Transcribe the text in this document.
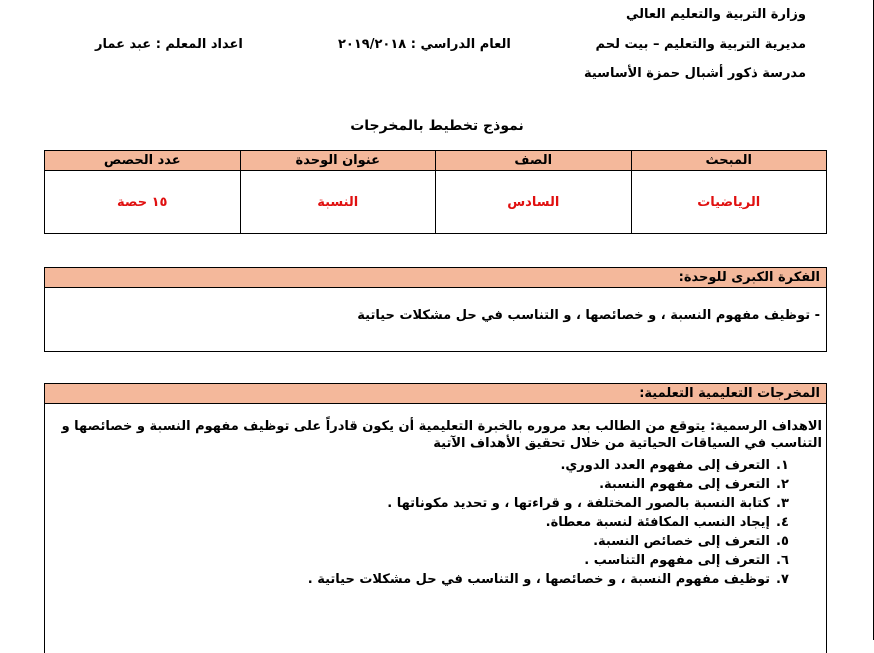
وزارة التربية والتعليم العالي
مديرية التربية والتعليم – بيت لحم
مدرسة ذكور أشبال حمزة الأساسية
العام الدراسي : ٢٠١٩/٢٠١٨
اعداد المعلم : عبد عمار
نموذج تخطيط بالمخرجات
المبحث	الصف	عنوان الوحدة	عدد الحصص
الرياضيات	السادس	النسبة	١٥ حصة
الفكرة الكبرى للوحدة:
- توظيف مفهوم النسبة ، و خصائصها ، و التناسب في حل مشكلات حياتية
المخرجات التعليمية التعلمية:
الاهداف الرسمية: يتوقع من الطالب بعد مروره بالخبرة التعليمية أن يكون قادراً على توظيف مفهوم النسبة و خصائصها و التناسب في السياقات الحياتية من خلال تحقيق الأهداف الآتية
١.
التعرف إلى مفهوم العدد الدوري.
٢.
التعرف إلى مفهوم النسبة.
٣.
كتابة النسبة بالصور المختلفة ، و قراءتها ، و تحديد مكوناتها .
٤.
إيجاد النسب المكافئة لنسبة معطاة.
٥.
التعرف إلى خصائص النسبة.
٦.
التعرف إلى مفهوم التناسب .
٧.
توظيف مفهوم النسبة ، و خصائصها ، و التناسب في حل مشكلات حياتية .
